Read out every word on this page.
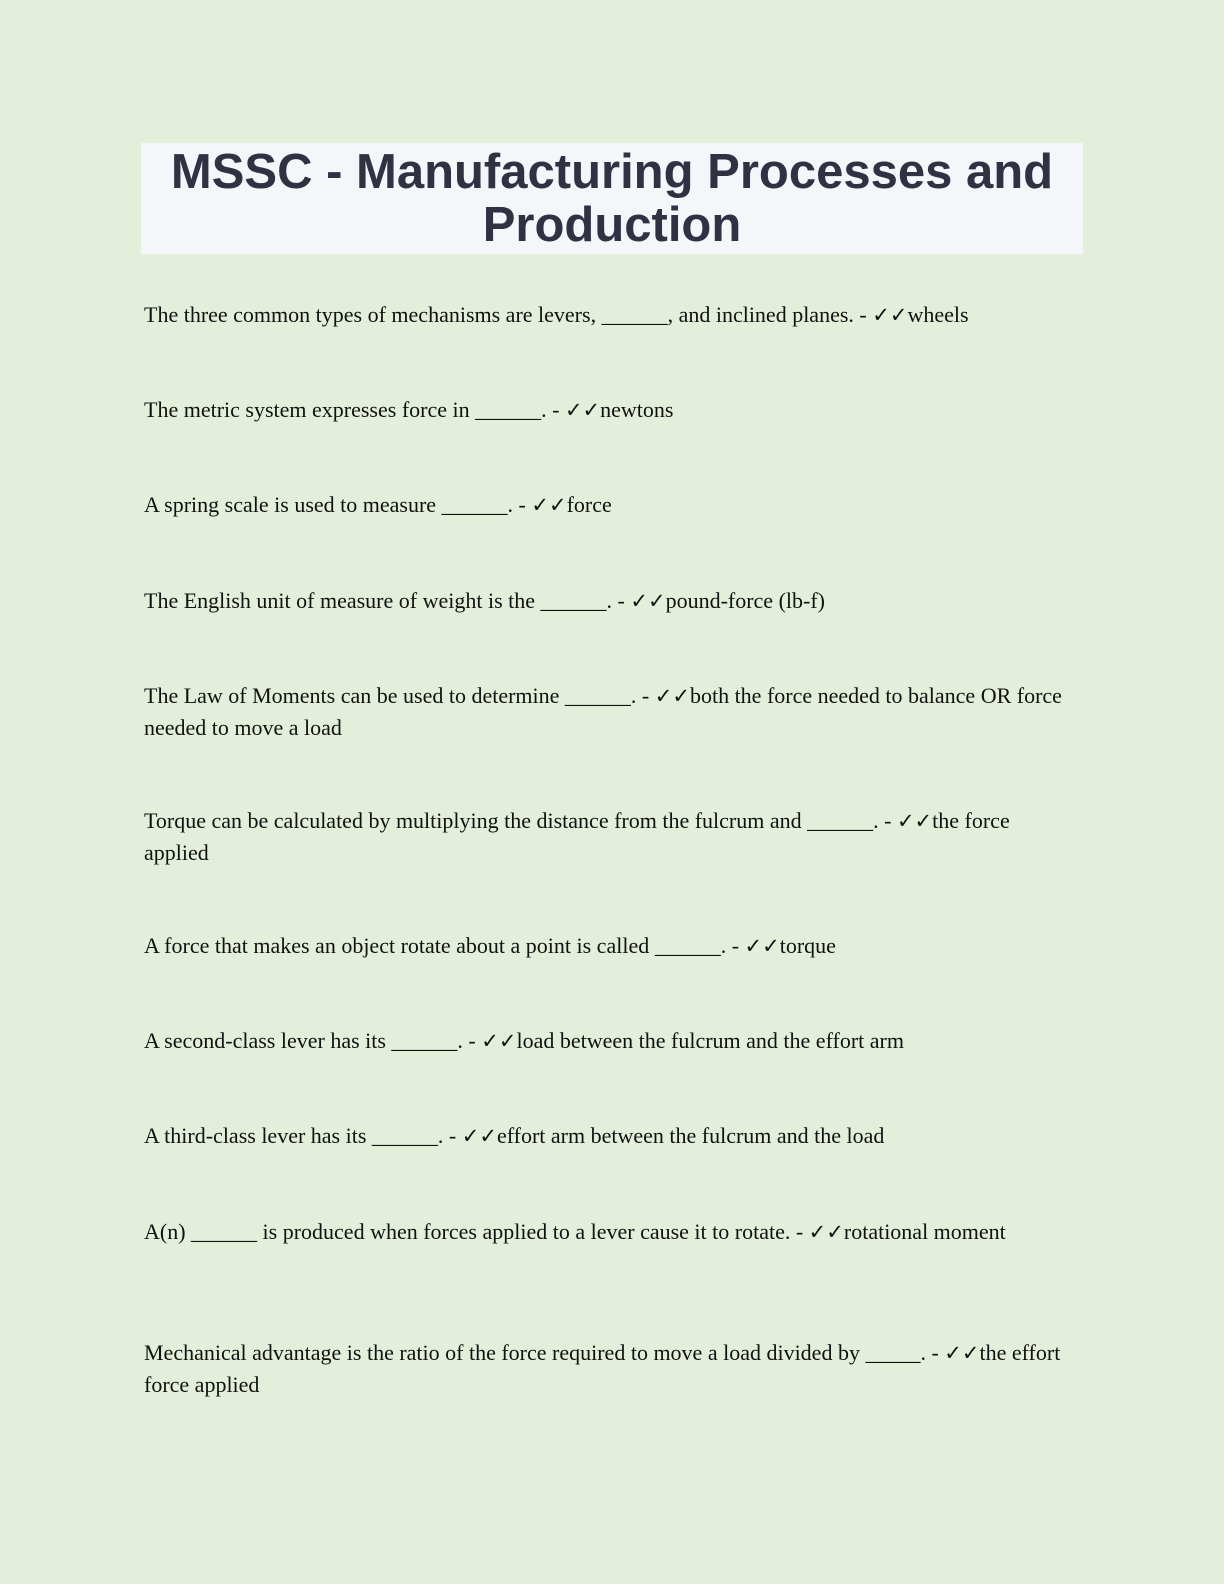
MSSC - Manufacturing Processes and Production
The three common types of mechanisms are levers, ______, and inclined planes. - ✓✓wheels
The metric system expresses force in ______. - ✓✓newtons
A spring scale is used to measure ______. - ✓✓force
The English unit of measure of weight is the ______. - ✓✓pound-force (lb-f)
The Law of Moments can be used to determine ______. - ✓✓both the force needed to balance OR force needed to move a load
Torque can be calculated by multiplying the distance from the fulcrum and ______. - ✓✓the force applied
A force that makes an object rotate about a point is called ______. - ✓✓torque
A second-class lever has its ______. - ✓✓load between the fulcrum and the effort arm
A third-class lever has its ______. - ✓✓effort arm between the fulcrum and the load
A(n) ______ is produced when forces applied to a lever cause it to rotate. - ✓✓rotational moment
Mechanical advantage is the ratio of the force required to move a load divided by _____. - ✓✓the effort force applied
